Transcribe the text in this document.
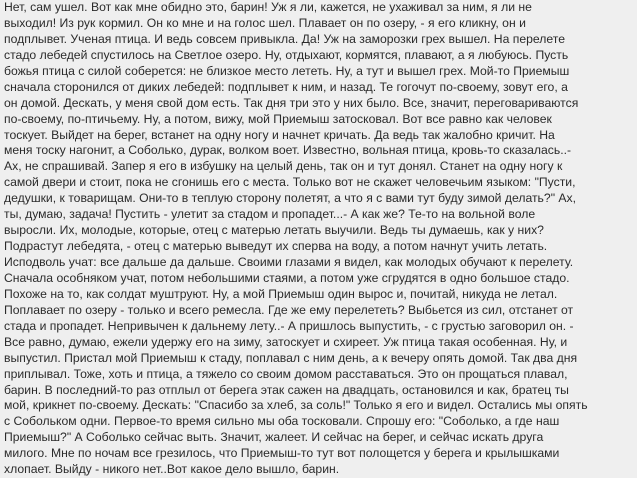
Нет, сам ушел. Вот как мне обидно это, барин! Уж я ли, кажется, не ухаживал за ним, я ли не
выходил! Из рук кормил. Он ко мне и на голос шел. Плавает он по озеру, - я его кликну, он и
подплывет. Ученая птица. И ведь совсем привыкла. Да! Уж на заморозки грех вышел. На перелете
стадо лебедей спустилось на Светлое озеро. Ну, отдыхают, кормятся, плавают, а я любуюсь. Пусть
божья птица с силой соберется: не близкое место лететь. Ну, а тут и вышел грех. Мой-то Приемыш
сначала сторонился от диких лебедей: подплывет к ним, и назад. Те гогочут по-своему, зовут его, а
он домой. Дескать, у меня свой дом есть. Так дня три это у них было. Все, значит, переговариваются
по-своему, по-птичьему. Ну, а потом, вижу, мой Приемыш затосковал. Вот все равно как человек
тоскует. Выйдет на берег, встанет на одну ногу и начнет кричать. Да ведь так жалобно кричит. На
меня тоску нагонит, а Соболько, дурак, волком воет. Известно, вольная птица, кровь-то сказалась..-
Ах, не спрашивай. Запер я его в избушку на целый день, так он и тут донял. Станет на одну ногу к
самой двери и стоит, пока не сгонишь его с места. Только вот не скажет человечьим языком: "Пусти,
дедушки, к товарищам. Они-то в теплую сторону полетят, а что я с вами тут буду зимой делать?" Ах,
ты, думаю, задача! Пустить - улетит за стадом и пропадет...- А как же? Те-то на вольной воле
выросли. Их, молодые, которые, отец с матерью летать выучили. Ведь ты думаешь, как у них?
Подрастут лебедята, - отец с матерью выведут их сперва на воду, а потом начнут учить летать.
Исподволь учат: все дальше да дальше. Своими глазами я видел, как молодых обучают к перелету.
Сначала особняком учат, потом небольшими стаями, а потом уже сгрудятся в одно большое стадо.
Похоже на то, как солдат муштруют. Ну, а мой Приемыш один вырос и, почитай, никуда не летал.
Поплавает по озеру - только и всего ремесла. Где же ему перелететь? Выбьется из сил, отстанет от
стада и пропадет. Непривычен к дальнему лету..- А пришлось выпустить, - с грустью заговорил он. -
Все равно, думаю, ежели удержу его на зиму, затоскует и схиреет. Уж птица такая особенная. Ну, и
выпустил. Пристал мой Приемыш к стаду, поплавал с ним день, а к вечеру опять домой. Так два дня
приплывал. Тоже, хоть и птица, а тяжело со своим домом расставаться. Это он прощаться плавал,
барин. В последний-то раз отплыл от берега этак сажен на двадцать, остановился и как, братец ты
мой, крикнет по-своему. Дескать: "Спасибо за хлеб, за соль!" Только я его и видел. Остались мы опять
с Собольком одни. Первое-то время сильно мы оба тосковали. Спрошу его: "Соболько, а где наш
Приемыш?" А Соболько сейчас выть. Значит, жалеет. И сейчас на берег, и сейчас искать друга
милого. Мне по ночам все грезилось, что Приемыш-то тут вот полощется у берега и крылышками
хлопает. Выйду - никого нет..Вот какое дело вышло, барин.
